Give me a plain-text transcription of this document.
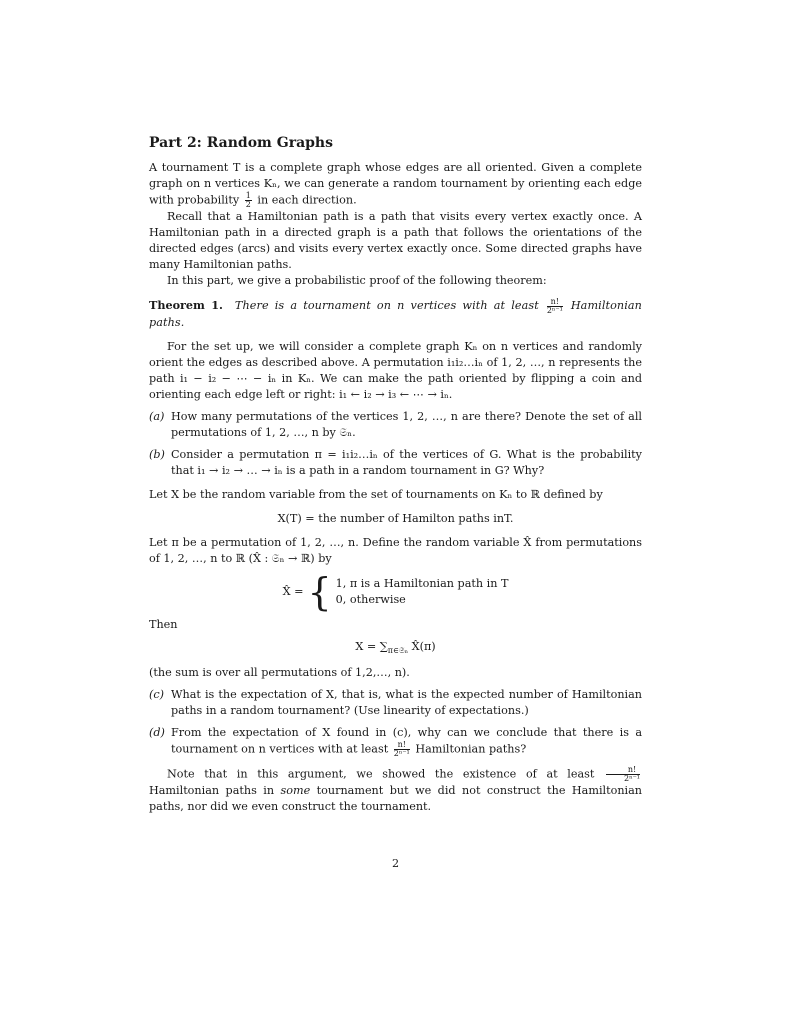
Part 2: Random Graphs

A tournament T is a complete graph whose edges are all oriented. Given a complete graph on n vertices Kₙ, we can generate a random tournament by orienting each edge with probability $\frac{1}{2}$ in each direction.

Recall that a Hamiltonian path is a path that visits every vertex exactly once. A Hamiltonian path in a directed graph is a path that follows the orientations of the directed edges (arcs) and visits every vertex exactly once. Some directed graphs have many Hamiltonian paths.

In this part, we give a probabilistic proof of the following theorem:

Theorem 1. There is a tournament on n vertices with at least $\frac{n!}{\text{2ⁿ⁻¹}}$ Hamiltonian paths.

For the set up, we will consider a complete graph Kₙ on n vertices and randomly orient the edges as described above. A permutation i₁i₂…iₙ of 1, 2, …, n represents the path i₁ − i₂ − ⋯ − iₙ in Kₙ. We can make the path oriented by flipping a coin and orienting each edge left or right: i₁ ← i₂ → i₃ ← ⋯ → iₙ.

(a) How many permutations of the vertices 1, 2, …, n are there? Denote the set of all permutations of 1, 2, …, n by 𝔖ₙ.
(b) Consider a permutation π = i₁i₂…iₙ of the vertices of G. What is the probability that i₁ → i₂ → … → iₙ is a path in a random tournament in G? Why?

Let X be the random variable from the set of tournaments on Kₙ to ℝ defined by

X(T) = the number of Hamilton paths inT.

Let π be a permutation of 1, 2, …, n. Define the random variable X̂ from permutations of 1, 2, …, n to ℝ (X̂ : 𝔖ₙ → ℝ) by

X̂ = { 1, π is a Hamiltonian path in T
0, otherwise

Then

$X = \sum_{\pi\in 𝔖_n}$ X̂(π)

(the sum is over all permutations of 1,2,…, n).

(c) What is the expectation of X, that is, what is the expected number of Hamiltonian paths in a random tournament? (Use linearity of expectations.)
(d) From the expectation of X found in (c), why can we conclude that there is a tournament on n vertices with at least $\frac{n!}{\text{2ⁿ⁻¹}}$ Hamiltonian paths?

Note that in this argument, we showed the existence of at least $\frac{n!}{\text{2ⁿ⁻¹}}$
Hamiltonian paths in some tournament but we did not construct the Hamiltonian paths, nor did we even construct the tournament.

2
